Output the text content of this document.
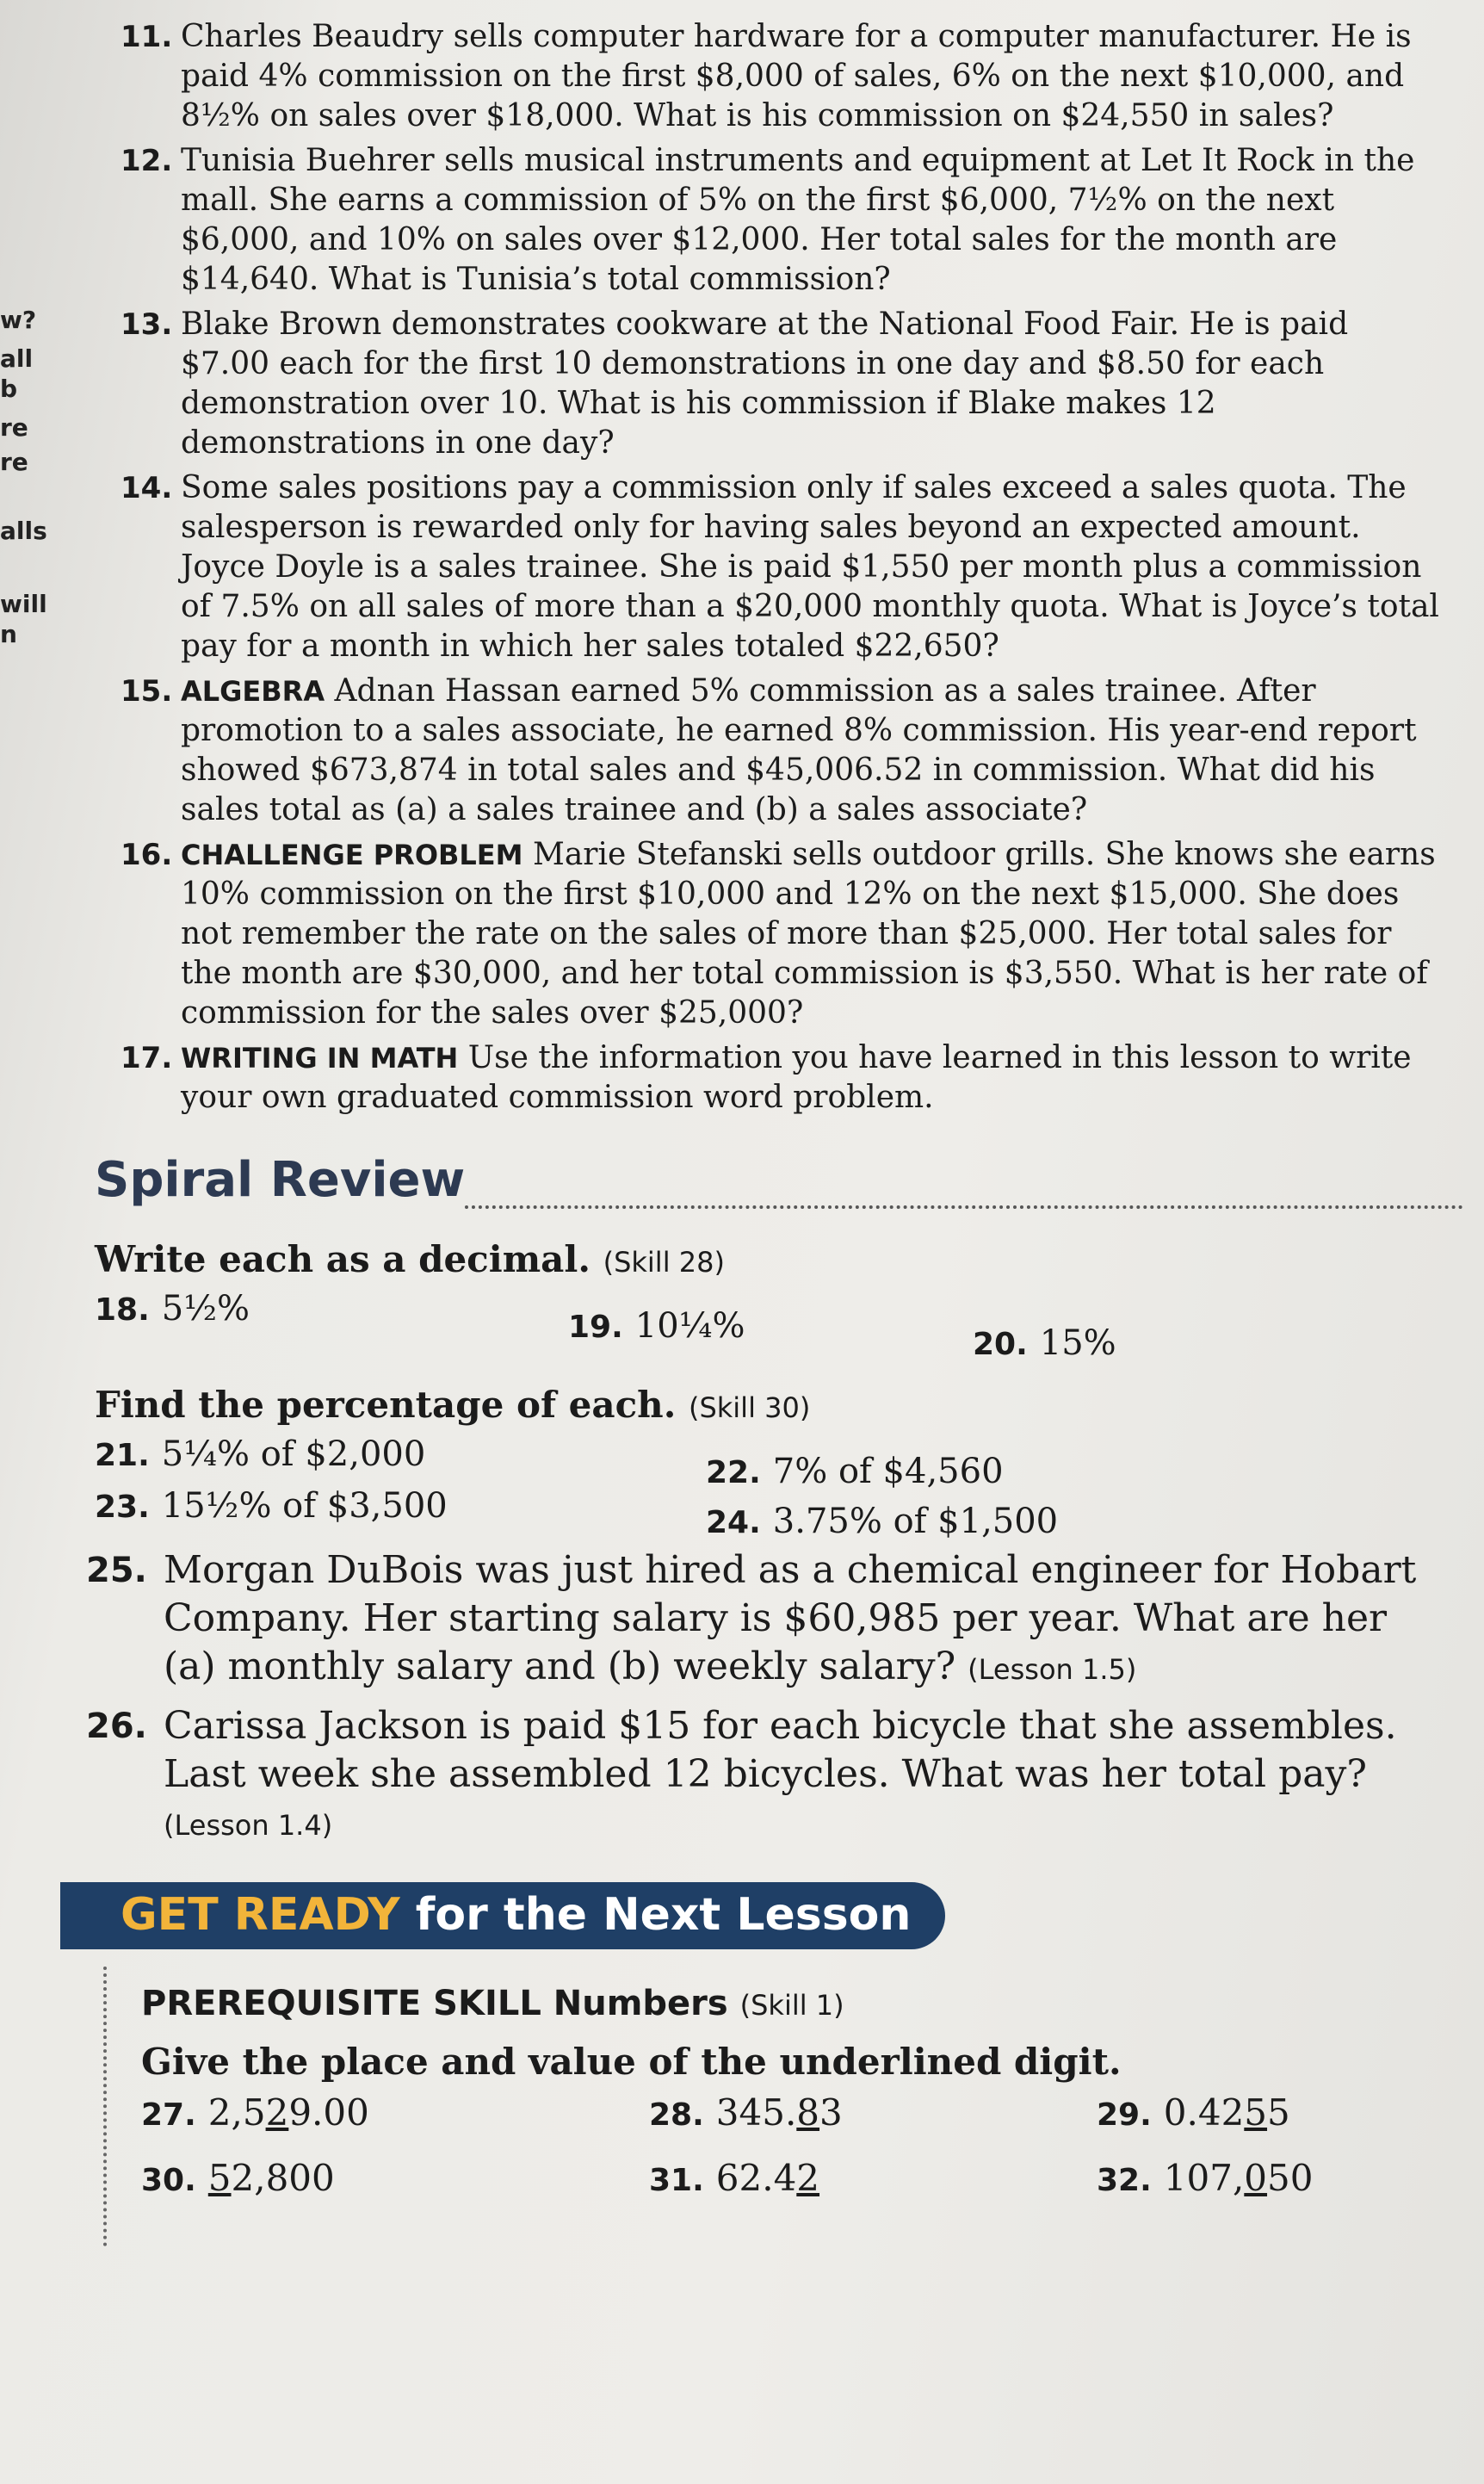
w?
all
b
re
re
alls
will
n
11. Charles Beaudry sells computer hardware for a computer manufacturer. He is paid 4% commission on the first $8,000 of sales, 6% on the next $10,000, and 8½% on sales over $18,000. What is his commission on $24,550 in sales?
12. Tunisia Buehrer sells musical instruments and equipment at Let It Rock in the mall. She earns a commission of 5% on the first $6,000, 7½% on the next $6,000, and 10% on sales over $12,000. Her total sales for the month are $14,640. What is Tunisia’s total commission?
13. Blake Brown demonstrates cookware at the National Food Fair. He is paid $7.00 each for the first 10 demonstrations in one day and $8.50 for each demonstration over 10. What is his commission if Blake makes 12 demonstrations in one day?
14. Some sales positions pay a commission only if sales exceed a sales quota. The salesperson is rewarded only for having sales beyond an expected amount. Joyce Doyle is a sales trainee. She is paid $1,550 per month plus a commission of 7.5% on all sales of more than a $20,000 monthly quota. What is Joyce’s total pay for a month in which her sales totaled $22,650?
15. ALGEBRA Adnan Hassan earned 5% commission as a sales trainee. After promotion to a sales associate, he earned 8% commission. His year-end report showed $673,874 in total sales and $45,006.52 in commission. What did his sales total as (a) a sales trainee and (b) a sales associate?
16. CHALLENGE PROBLEM Marie Stefanski sells outdoor grills. She knows she earns 10% commission on the first $10,000 and 12% on the next $15,000. She does not remember the rate on the sales of more than $25,000. Her total sales for the month are $30,000, and her total commission is $3,550. What is her rate of commission for the sales over $25,000?
17. WRITING IN MATH Use the information you have learned in this lesson to write your own graduated commission word problem.
Spiral Review
Write each as a decimal. (Skill 28)
18. 5½%	19. 10¼%	20. 15%
Find the percentage of each. (Skill 30)
21. 5¼% of $2,000	22. 7% of $4,560
23. 15½% of $3,500	24. 3.75% of $1,500
25. Morgan DuBois was just hired as a chemical engineer for Hobart Company. Her starting salary is $60,985 per year. What are her (a) monthly salary and (b) weekly salary? (Lesson 1.5)
26. Carissa Jackson is paid $15 for each bicycle that she assembles. Last week she assembled 12 bicycles. What was her total pay? (Lesson 1.4)
GET READY for the Next Lesson
PREREQUISITE SKILL Numbers (Skill 1)
Give the place and value of the underlined digit.
27. 2,529.00	28. 345.83	29. 0.4255
30. 52,800	31. 62.42	32. 107,050
